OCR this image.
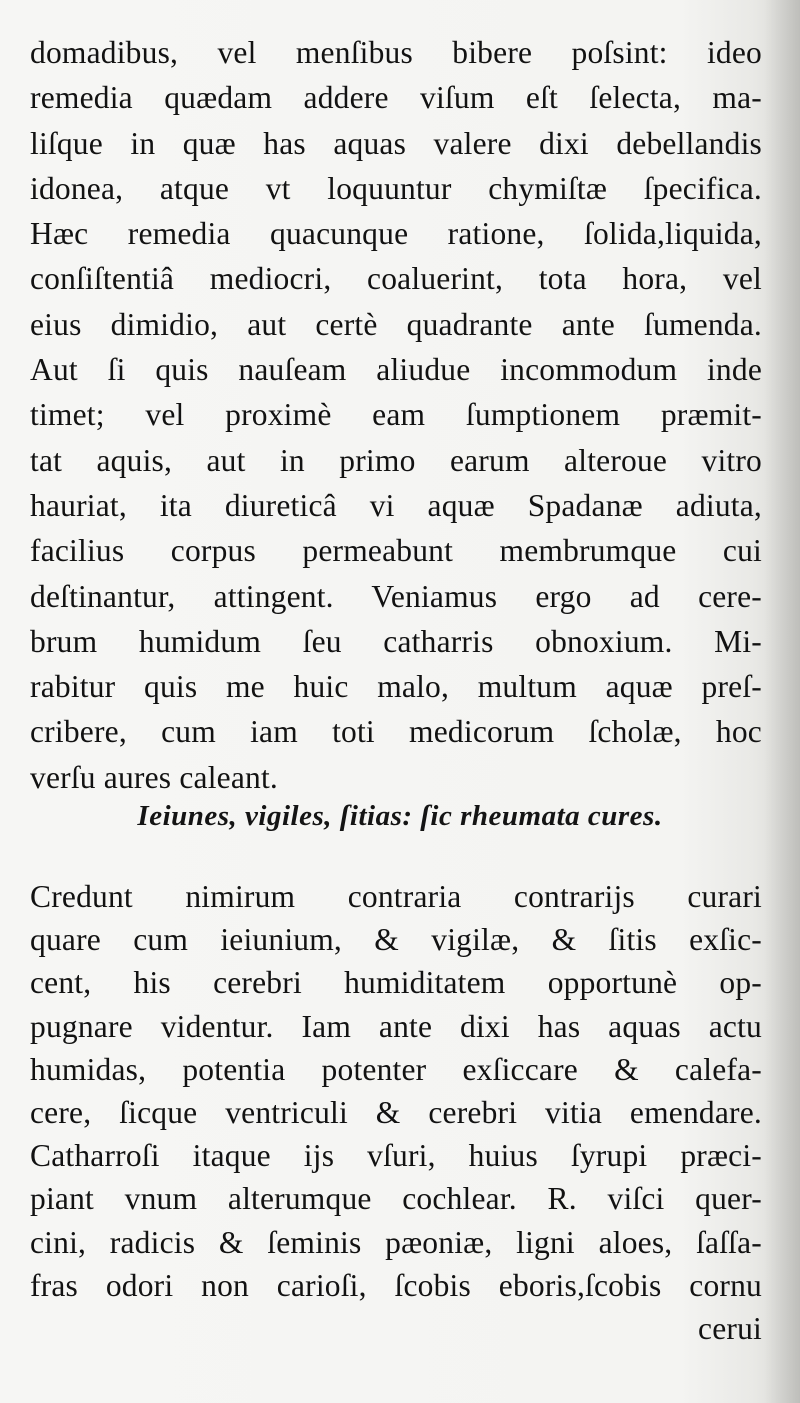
domadibus, vel menſibus bibere poſsint: ideo
remedia quædam addere viſum eſt ſelecta, ma-
liſque in quæ has aquas valere dixi debellandis
idonea, atque vt loquuntur chymiſtæ ſpecifica.
Hæc remedia quacunque ratione, ſolida,liquida,
conſiſtentiâ mediocri, coaluerint, tota hora, vel
eius dimidio, aut certè quadrante ante ſumenda.
Aut ſi quis nauſeam aliudue incommodum inde
timet; vel proximè eam ſumptionem præmit-
tat aquis, aut in primo earum alteroue vitro
hauriat, ita diureticâ vi aquæ Spadanæ adiuta,
facilius corpus permeabunt membrumque cui
deſtinantur, attingent. Veniamus ergo ad cere-
brum humidum ſeu catharris obnoxium. Mi-
rabitur quis me huic malo, multum aquæ preſ-
cribere, cum iam toti medicorum ſcholæ, hoc
verſu aures caleant.
Ieiunes, vigiles, ſitias: ſic rheumata cures.
Credunt nimirum contraria contrarijs curari
quare cum ieiunium, & vigilæ, & ſitis exſic-
cent, his cerebri humiditatem opportunè op-
pugnare videntur. Iam ante dixi has aquas actu
humidas, potentia potenter exſiccare & calefa-
cere, ſicque ventriculi & cerebri vitia emendare.
Catharroſi itaque ijs vſuri, huius ſyrupi præci-
piant vnum alterumque cochlear. R. viſci quer-
cini, radicis & ſeminis pæoniæ, ligni aloes, ſaſſa-
fras odori non carioſi, ſcobis eboris,ſcobis cornu
cerui
